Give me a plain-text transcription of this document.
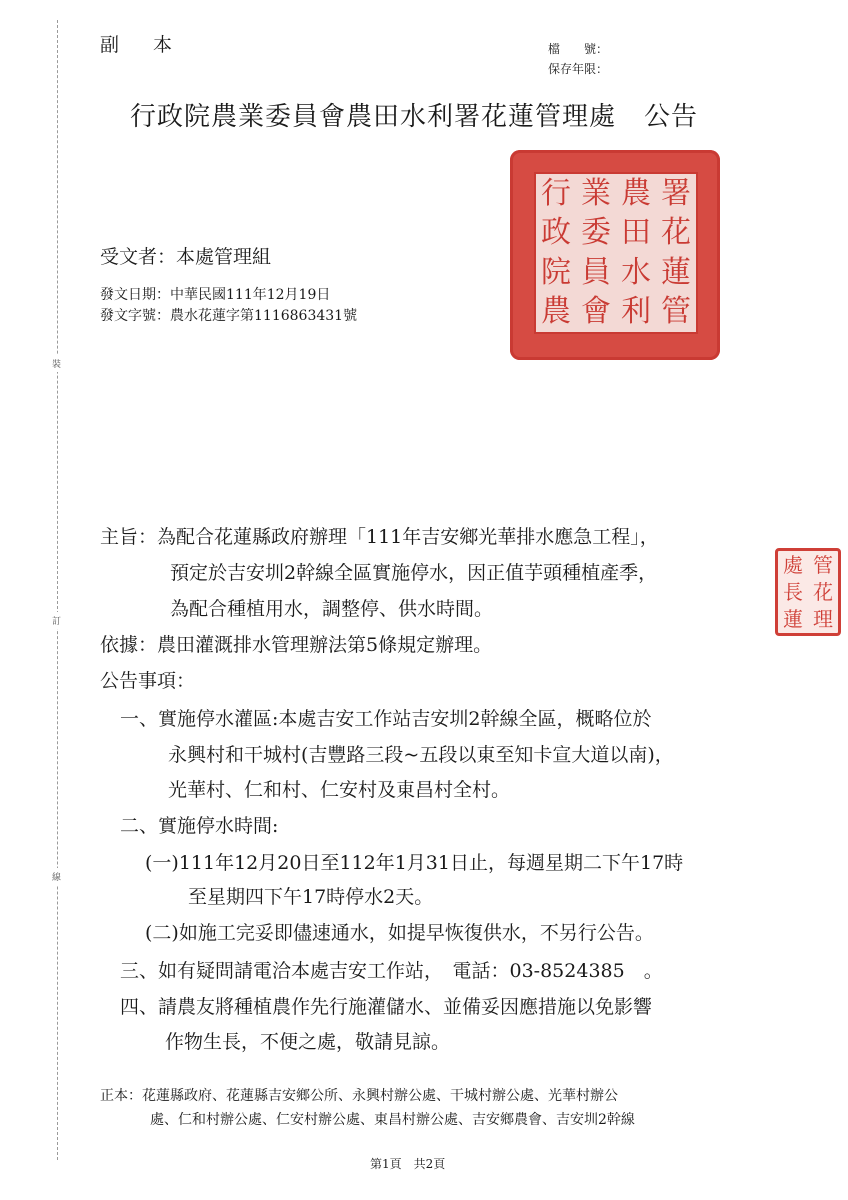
裝
訂
線
副 本	檔　　號：
保存年限：
行政院農業委員會農田水利署花蓮管理處 公告
行
政
院
農
業
委
員
會
農
田
水
利
署
花
蓮
管
處
長
蓮
管
花
理
受文者：本處管理組
發文日期：中華民國111年12月19日
發文字號：農水花蓮字第1116863431號
主旨：為配合花蓮縣政府辦理「111年吉安鄉光華排水應急工程」，
預定於吉安圳2幹線全區實施停水，因正值芋頭種植產季，
為配合種植用水，調整停、供水時間。
依據：農田灌溉排水管理辦法第5條規定辦理。
公告事項：
一、實施停水灌區:本處吉安工作站吉安圳2幹線全區，概略位於
永興村和干城村(吉豐路三段~五段以東至知卡宣大道以南)，
光華村、仁和村、仁安村及東昌村全村。
二、實施停水時間:
(一)111年12月20日至112年1月31日止，每週星期二下午17時
至星期四下午17時停水2天。
(二)如施工完妥即儘速通水，如提早恢復供水，不另行公告。
三、如有疑問請電洽本處吉安工作站，　電話：03-8524385　。
四、請農友將種植農作先行施灌儲水、並備妥因應措施以免影響
作物生長，不便之處，敬請見諒。
正本：花蓮縣政府、花蓮縣吉安鄉公所、永興村辦公處、干城村辦公處、光華村辦公
處、仁和村辦公處、仁安村辦公處、東昌村辦公處、吉安鄉農會、吉安圳2幹線
第1頁　共2頁
